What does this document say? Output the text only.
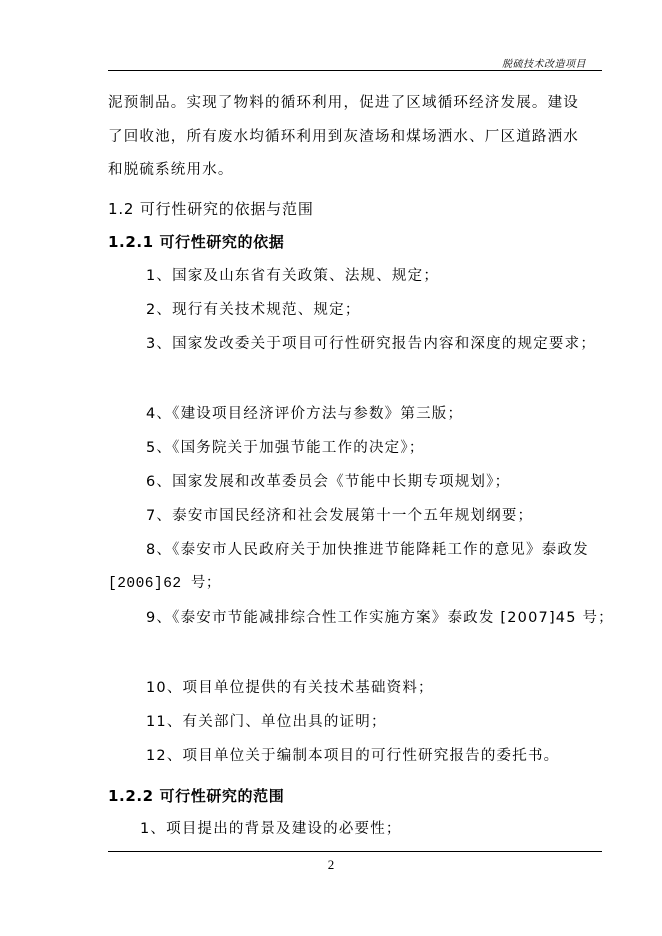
脱硫技术改造项目
泥预制品。实现了物料的循环利用，促进了区域循环经济发展。建设
了回收池，所有废水均循环利用到灰渣场和煤场洒水、厂区道路洒水
和脱硫系统用水。
1.2 可行性研究的依据与范围
1.2.1 可行性研究的依据
1、国家及山东省有关政策、法规、规定；
2、现行有关技术规范、规定；
3、国家发改委关于项目可行性研究报告内容和深度的规定要求；
4、《建设项目经济评价方法与参数》第三版；
5、《国务院关于加强节能工作的决定》；
6、国家发展和改革委员会《节能中长期专项规划》；
7、泰安市国民经济和社会发展第十一个五年规划纲要；
8、《泰安市人民政府关于加快推进节能降耗工作的意见》泰政发
[2006]62 号；
9、《泰安市节能减排综合性工作实施方案》泰政发 [2007]45 号；
10、项目单位提供的有关技术基础资料；
11、有关部门、单位出具的证明；
12、项目单位关于编制本项目的可行性研究报告的委托书。
1.2.2 可行性研究的范围
1、项目提出的背景及建设的必要性；
2
